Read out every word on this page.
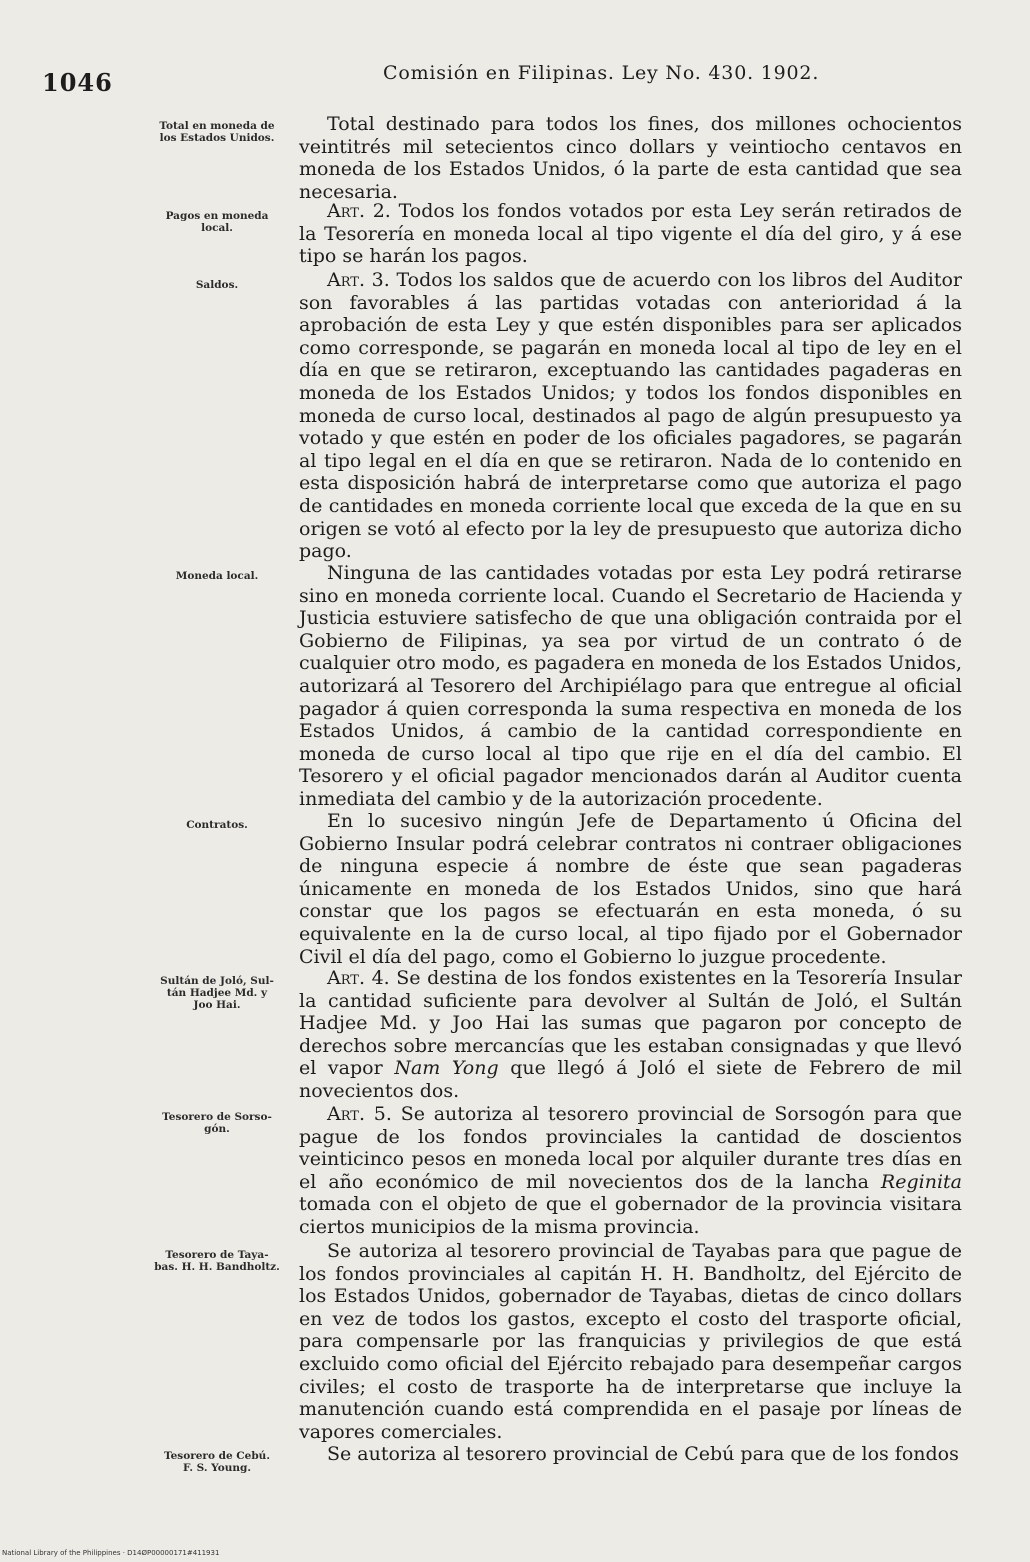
1046	Comisión en Filipinas. Ley No. 430. 1902.
Total en moneda de
los Estados Unidos.

Total destinado para todos los fines, dos millones ochocientos veintitrés mil setecientos cinco dollars y veintiocho centavos en moneda de los Estados Unidos, ó la parte de esta cantidad que sea necesaria.

Pagos en moneda
local.

Art. 2. Todos los fondos votados por esta Ley serán retirados de la Tesorería en moneda local al tipo vigente el día del giro, y á ese tipo se harán los pagos.

Saldos.	Art. 3. Todos los saldos que de acuerdo con los libros del Auditor son favorables á las partidas votadas con anterioridad á la aprobación de esta Ley y que estén disponibles para ser aplicados como corresponde, se pagarán en moneda local al tipo de ley en el día en que se retiraron, exceptuando las cantidades pagaderas en moneda de los Estados Unidos; y todos los fondos disponibles en moneda de curso local, destinados al pago de algún presupuesto ya votado y que estén en poder de los oficiales pagadores, se pagarán al tipo legal en el día en que se retiraron. Nada de lo contenido en esta disposición habrá de interpretarse como que autoriza el pago de cantidades en moneda corriente local que exceda de la que en su origen se votó al efecto por la ley de presupuesto que autoriza dicho pago.

Moneda local.	Ninguna de las cantidades votadas por esta Ley podrá retirarse sino en moneda corriente local. Cuando el Secretario de Hacienda y Justicia estuviere satisfecho de que una obligación contraida por el Gobierno de Filipinas, ya sea por virtud de un contrato ó de cualquier otro modo, es pagadera en moneda de los Estados Unidos, autorizará al Tesorero del Archipiélago para que entregue al oficial pagador á quien corresponda la suma respectiva en moneda de los Estados Unidos, á cambio de la cantidad correspondiente en moneda de curso local al tipo que rije en el día del cambio. El Tesorero y el oficial pagador mencionados darán al Auditor cuenta inmediata del cambio y de la autorización procedente.

Contratos.	En lo sucesivo ningún Jefe de Departamento ú Oficina del Gobierno Insular podrá celebrar contratos ni contraer obligaciones de ninguna especie á nombre de éste que sean pagaderas únicamente en moneda de los Estados Unidos, sino que hará constar que los pagos se efectuarán en esta moneda, ó su equivalente en la de curso local, al tipo fijado por el Gobernador Civil el día del pago, como el Gobierno lo juzgue procedente.

Sultán de Joló, Sul-
tán Hadjee Md. y
Joo Hai.

Art. 4. Se destina de los fondos existentes en la Tesorería Insular la cantidad suficiente para devolver al Sultán de Joló, el Sultán Hadjee Md. y Joo Hai las sumas que pagaron por concepto de derechos sobre mercancías que les estaban consignadas y que llevó el vapor Nam Yong que llegó á Joló el siete de Febrero de mil novecientos dos.

Tesorero de Sorso-
gón.

Art. 5. Se autoriza al tesorero provincial de Sorsogón para que pague de los fondos provinciales la cantidad de doscientos veinticinco pesos en moneda local por alquiler durante tres días en el año económico de mil novecientos dos de la lancha Reginita tomada con el objeto de que el gobernador de la provincia visitara ciertos municipios de la misma provincia.

Tesorero de Taya-
bas. H. H. Bandholtz.

Se autoriza al tesorero provincial de Tayabas para que pague de los fondos provinciales al capitán H. H. Bandholtz, del Ejército de los Estados Unidos, gobernador de Tayabas, dietas de cinco dollars en vez de todos los gastos, excepto el costo del trasporte oficial, para compensarle por las franquicias y privilegios de que está excluido como oficial del Ejército rebajado para desempeñar cargos civiles; el costo de trasporte ha de interpretarse que incluye la manutención cuando está comprendida en el pasaje por líneas de vapores comerciales.

Tesorero de Cebú.
F. S. Young.

Se autoriza al tesorero provincial de Cebú para que de los fondos

National Library of the Philippines · D14ØP00000171#411931
